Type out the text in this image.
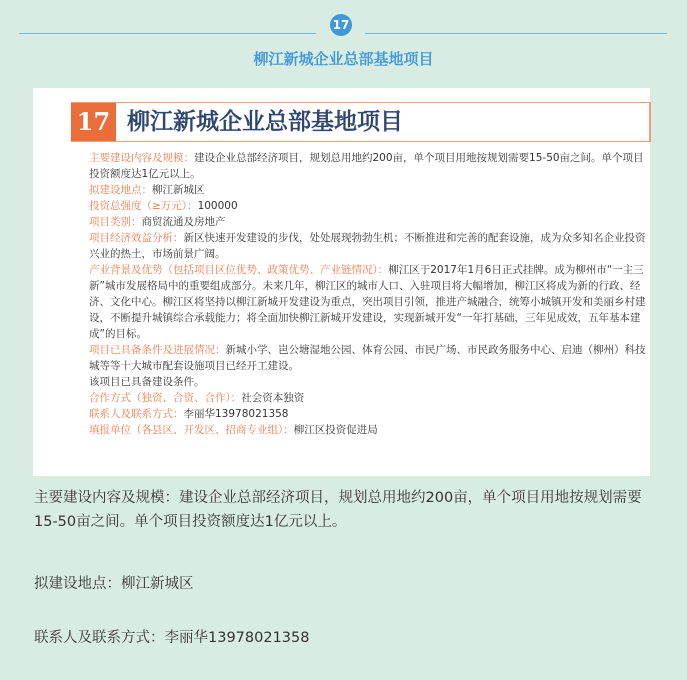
17
柳江新城企业总部基地项目
17 柳江新城企业总部基地项目

主要建设内容及规模：建设企业总部经济项目，规划总用地约200亩，单个项目用地按规划需要15-50亩之间。单个项目投资额度达1亿元以上。

拟建设地点：柳江新城区

投资总强度（≥万元）：100000

项目类别：商贸流通及房地产

项目经济效益分析：新区快速开发建设的步伐，处处展现勃勃生机；不断推进和完善的配套设施，成为众多知名企业投资兴业的热土，市场前景广阔。

产业背景及优势（包括项目区位优势、政策优势、产业链情况）：柳江区于2017年1月6日正式挂牌。成为柳州市“一主三新”城市发展格局中的重要组成部分。未来几年，柳江区的城市人口、入驻项目将大幅增加，柳江区将成为新的行政、经济、文化中心。柳江区将坚持以柳江新城开发建设为重点，突出项目引领，推进产城融合，统筹小城镇开发和美丽乡村建设，不断提升城镇综合承载能力；将全面加快柳江新城开发建设，实现新城开发“一年打基础，三年见成效，五年基本建成”的目标。

项目已具备条件及进展情况：新城小学、岜公塘湿地公园、体育公园、市民广场、市民政务服务中心、启迪（柳州）科技城等等十大城市配套设施项目已经开工建设。

该项目已具备建设条件。

合作方式（独资、合资、合作）：社会资本独资

联系人及联系方式：李丽华13978021358

填报单位（各县区、开发区、招商专业组）：柳江区投资促进局

主要建设内容及规模：建设企业总部经济项目，规划总用地约200亩，单个项目用地按规划需要15-50亩之间。单个项目投资额度达1亿元以上。

拟建设地点：柳江新城区

联系人及联系方式：李丽华13978021358
